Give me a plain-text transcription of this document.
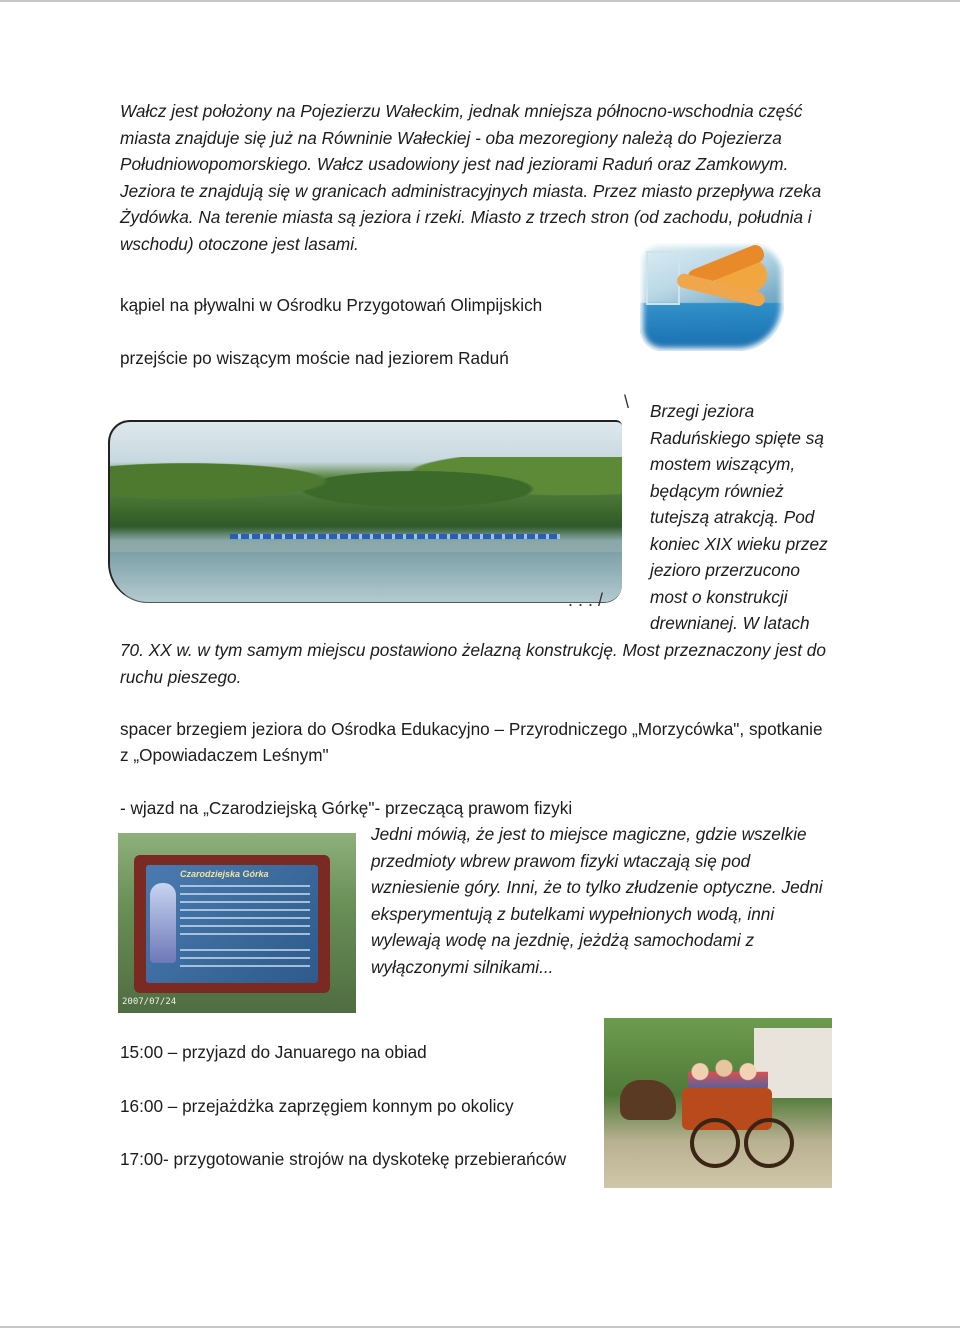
Wałcz jest położony na Pojezierzu Wałeckim, jednak mniejsza północno-wschodnia część
miasta znajduje się już na Równinie Wałeckiej - oba mezoregiony należą do Pojezierza
Południowopomorskiego. Wałcz usadowiony jest nad jeziorami Raduń oraz Zamkowym.
Jeziora te znajdują się w granicach administracyjnych miasta. Przez miasto przepływa rzeka
Żydówka. Na terenie miasta są jeziora i rzeki. Miasto z trzech stron (od zachodu, południa i
wschodu) otoczone jest lasami.
kąpiel na pływalni w Ośrodku Przygotowań Olimpijskich
przejście po wiszącym moście nad jeziorem Raduń
\
. . . /
Brzegi jeziora
Raduńskiego spięte są
mostem wiszącym,
będącym również
tutejszą atrakcją. Pod
koniec XIX wieku przez
jezioro przerzucono
most o konstrukcji
drewnianej. W latach
70. XX w. w tym samym miejscu postawiono żelazną konstrukcję. Most przeznaczony jest do
ruchu pieszego.
spacer brzegiem jeziora do Ośrodka Edukacyjno – Przyrodniczego „Morzycówka", spotkanie
z „Opowiadaczem Leśnym"
- wjazd na „Czarodziejską Górkę"- przeczącą prawom fizyki
Czarodziejska Górka
2007/07/24
Jedni mówią, że jest to miejsce magiczne, gdzie wszelkie
przedmioty wbrew prawom fizyki wtaczają się pod
wzniesienie góry. Inni, że to tylko złudzenie optyczne. Jedni
eksperymentują z butelkami wypełnionych wodą, inni
wylewają wodę na jezdnię, jeżdżą samochodami z
wyłączonymi silnikami...
15:00 – przyjazd do Januarego na obiad
16:00 – przejażdżka zaprzęgiem konnym po okolicy
17:00- przygotowanie strojów na dyskotekę przebierańców
